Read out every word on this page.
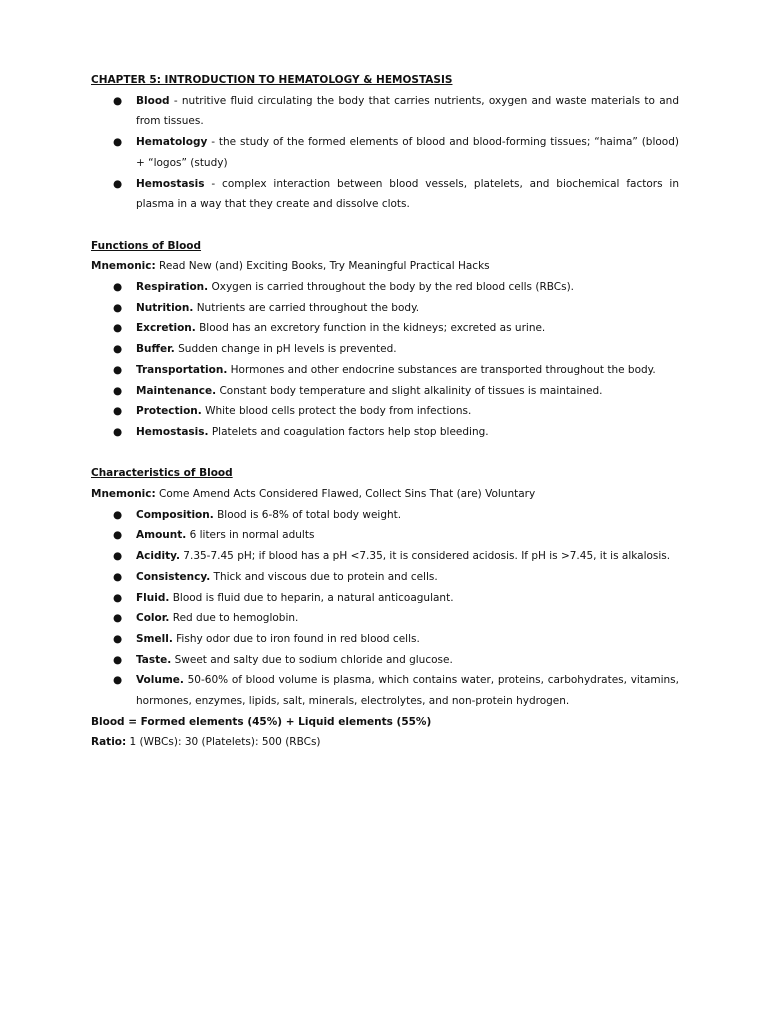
CHAPTER 5: INTRODUCTION TO HEMATOLOGY & HEMOSTASIS
● Blood - nutritive fluid circulating the body that carries nutrients, oxygen and waste materials to and from tissues.
● Hematology - the study of the formed elements of blood and blood-forming tissues; “haima” (blood) + “logos” (study)
● Hemostasis - complex interaction between blood vessels, platelets, and biochemical factors in plasma in a way that they create and dissolve clots.
Functions of Blood
Mnemonic: Read New (and) Exciting Books, Try Meaningful Practical Hacks
● Respiration. Oxygen is carried throughout the body by the red blood cells (RBCs).
● Nutrition. Nutrients are carried throughout the body.
● Excretion. Blood has an excretory function in the kidneys; excreted as urine.
● Buffer. Sudden change in pH levels is prevented.
● Transportation. Hormones and other endocrine substances are transported throughout the body.
● Maintenance. Constant body temperature and slight alkalinity of tissues is maintained.
● Protection. White blood cells protect the body from infections.
● Hemostasis. Platelets and coagulation factors help stop bleeding.
Characteristics of Blood
Mnemonic: Come Amend Acts Considered Flawed, Collect Sins That (are) Voluntary
● Composition. Blood is 6-8% of total body weight.
● Amount. 6 liters in normal adults
● Acidity. 7.35-7.45 pH; if blood has a pH <7.35, it is considered acidosis. If pH is >7.45, it is alkalosis.
● Consistency. Thick and viscous due to protein and cells.
● Fluid. Blood is fluid due to heparin, a natural anticoagulant.
● Color. Red due to hemoglobin.
● Smell. Fishy odor due to iron found in red blood cells.
● Taste. Sweet and salty due to sodium chloride and glucose.
● Volume. 50-60% of blood volume is plasma, which contains water, proteins, carbohydrates, vitamins, hormones, enzymes, lipids, salt, minerals, electrolytes, and non-protein hydrogen.
Blood = Formed elements (45%) + Liquid elements (55%)
Ratio: 1 (WBCs): 30 (Platelets): 500 (RBCs)
